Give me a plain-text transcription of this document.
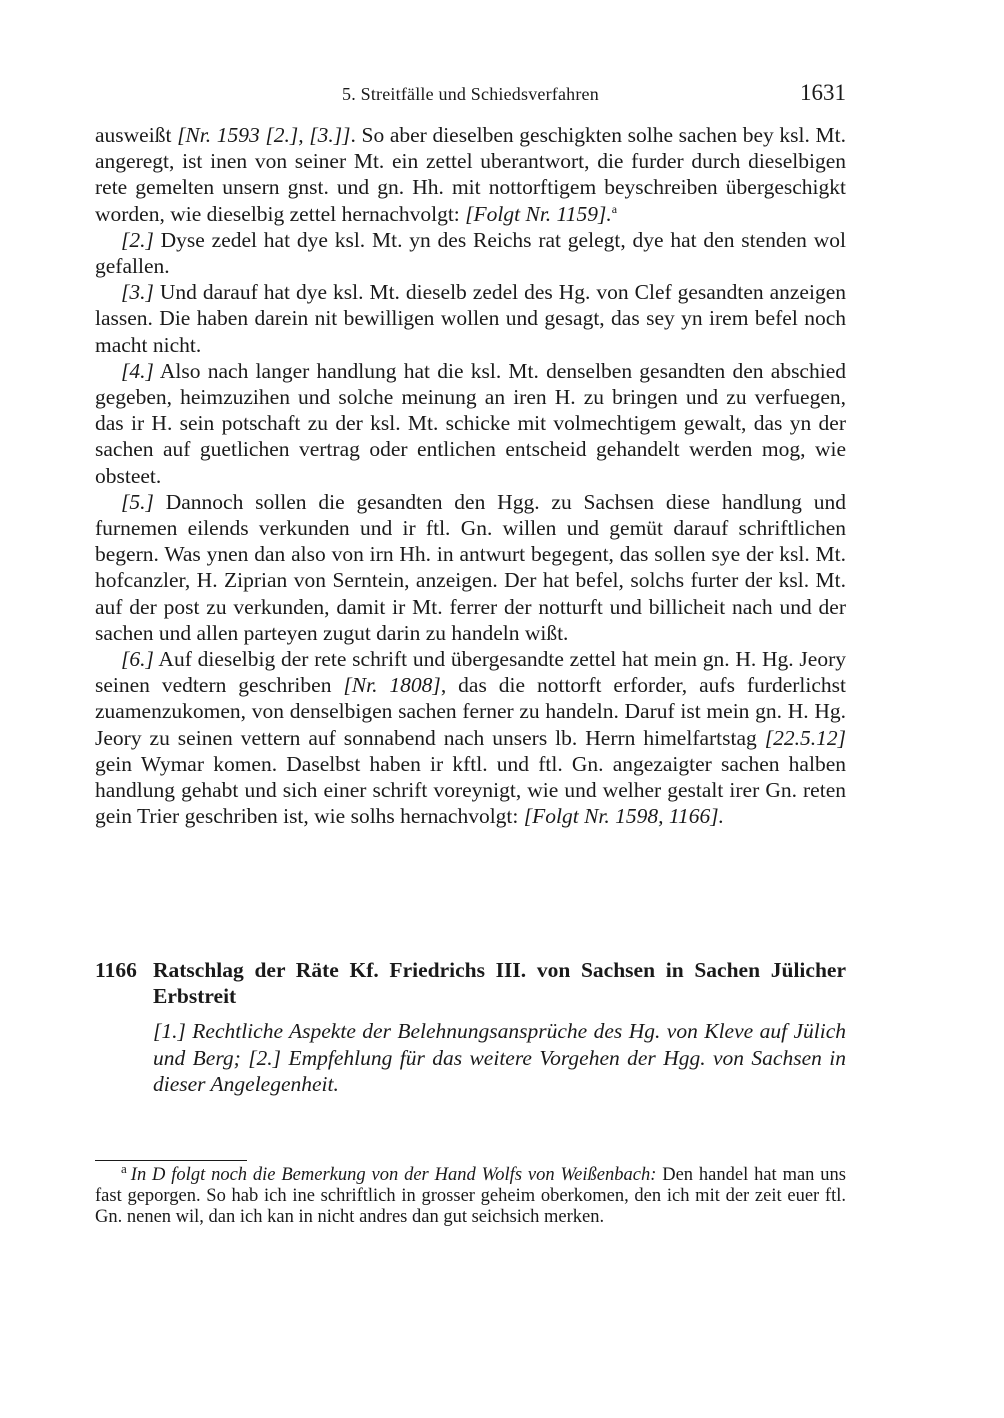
5. Streitfälle und Schiedsverfahren	1631

ausweißt [Nr. 1593 [2.], [3.]]. So aber dieselben geschigkten solhe sachen bey ksl. Mt. angeregt, ist inen von seiner Mt. ein zettel uberantwort, die furder durch dieselbigen rete gemelten unsern gnst. und gn. Hh. mit nottorftigem beyschreiben übergeschigkt worden, wie dieselbig zettel hernachvolgt: [Folgt Nr. 1159].$^a$

[2.] Dyse zedel hat dye ksl. Mt. yn des Reichs rat gelegt, dye hat den stenden wol gefallen.

[3.] Und darauf hat dye ksl. Mt. dieselb zedel des Hg. von Clef gesandten anzeigen lassen. Die haben darein nit bewilligen wollen und gesagt, das sey yn irem befel noch macht nicht.

[4.] Also nach langer handlung hat die ksl. Mt. denselben gesandten den abschied gegeben, heimzuzihen und solche meinung an iren H. zu bringen und zu verfuegen, das ir H. sein potschaft zu der ksl. Mt. schicke mit volmechtigem gewalt, das yn der sachen auf guetlichen vertrag oder entlichen entscheid gehandelt werden mog, wie obsteet.

[5.] Dannoch sollen die gesandten den Hgg. zu Sachsen diese handlung und furnemen eilends verkunden und ir ftl. Gn. willen und gemüt darauf schriftlichen begern. Was ynen dan also von irn Hh. in antwurt begegent, das sollen sye der ksl. Mt. hofcanzler, H. Ziprian von Serntein, anzeigen. Der hat befel, solchs furter der ksl. Mt. auf der post zu verkunden, damit ir Mt. ferrer der notturft und billicheit nach und der sachen und allen parteyen zugut darin zu handeln wißt.

[6.] Auf dieselbig der rete schrift und übergesandte zettel hat mein gn. H. Hg. Jeory seinen vedtern geschriben [Nr. 1808], das die nottorft erforder, aufs furderlichst zuamenzukomen, von denselbigen sachen ferner zu handeln. Daruf ist mein gn. H. Hg. Jeory zu seinen vettern auf sonnabend nach unsers lb. Herrn himelfartstag [22.5.12] gein Wymar komen. Daselbst haben ir kftl. und ftl. Gn. angezaigter sachen halben handlung gehabt und sich einer schrift voreynigt, wie und welher gestalt irer Gn. reten gein Trier geschriben ist, wie solhs hernachvolgt: [Folgt Nr. 1598, 1166].

1166 Ratschlag der Räte Kf. Friedrichs III. von Sachsen in Sachen Jülicher Erbstreit
[1.] Rechtliche Aspekte der Belehnungsansprüche des Hg. von Kleve auf Jülich und Berg; [2.] Empfehlung für das weitere Vorgehen der Hgg. von Sachsen in dieser Angelegenheit.
$^a$ In D folgt noch die Bemerkung von der Hand Wolfs von Weißenbach: Den handel hat man uns fast geporgen. So hab ich ine schriftlich in grosser geheim oberkomen, den ich mit der zeit euer ftl. Gn. nenen wil, dan ich kan in nicht andres dan gut seichsich merken.
